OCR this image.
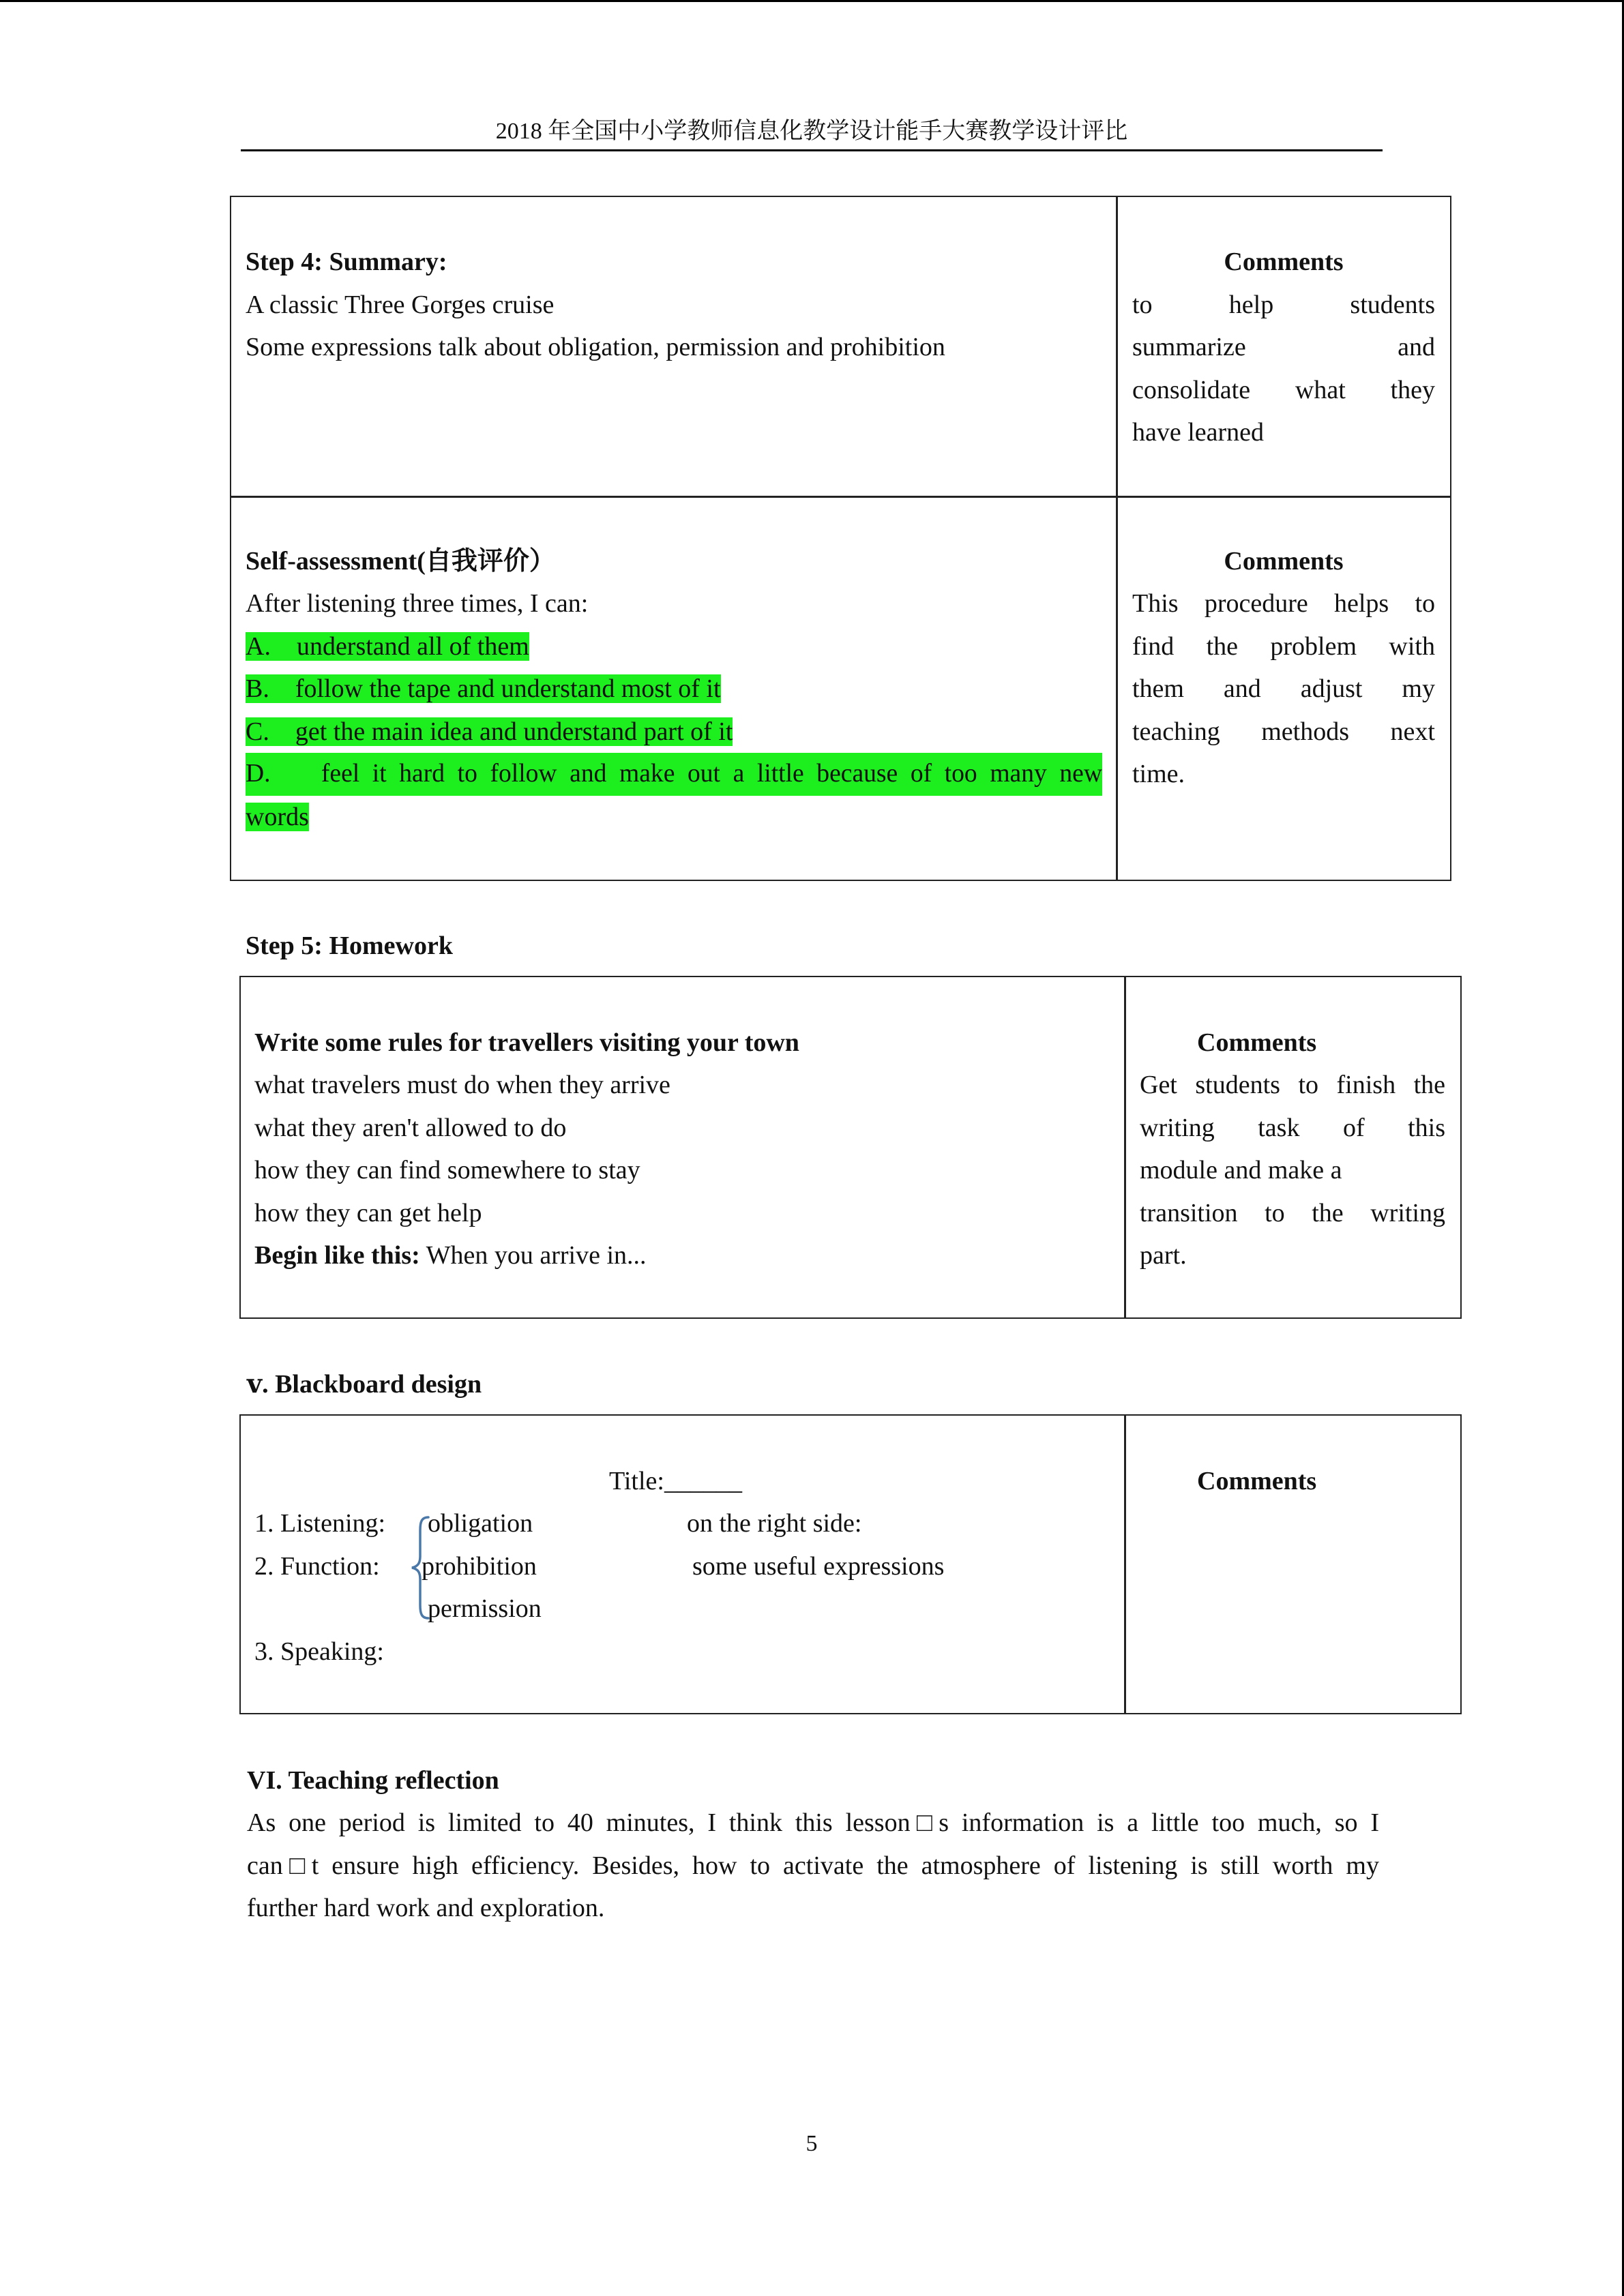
2018 年全国中小学教师信息化教学设计能手大赛教学设计评比
Step 4: Summary:
A classic Three Gorges cruise
Some expressions talk about obligation, permission and prohibition
Comments
to help students
summarize and
consolidate what they
have learned
Self-assessment(自我评价）
After listening three times, I can:
A.    understand all of them
B.    follow the tape and understand most of it
C.    get the main idea and understand part of it
D.    feel it hard to follow and make out a little because of too many new
words
Comments
This procedure helps to
find the problem with
them and adjust my
teaching methods next
time.
Step 5: Homework
Write some rules for travellers visiting your town
what travelers must do when they arrive
what they aren't allowed to do
how they can find somewhere to stay
how they can get help
Begin like this: When you arrive in...
Comments
Get students to finish the
writing task of this
module and make a
transition to the writing
part.
ⅴ. Blackboard design
Title:______
1. Listening:
2. Function:
3. Speaking:
obligation
prohibition
permission
on the right side:
some useful expressions
Comments
VI. Teaching reflection
As one period is limited to 40 minutes, I think this lesson□s information is a little too much, so I
can□t ensure high efficiency. Besides, how to activate the atmosphere of listening is still worth my
further hard work and exploration.
5
